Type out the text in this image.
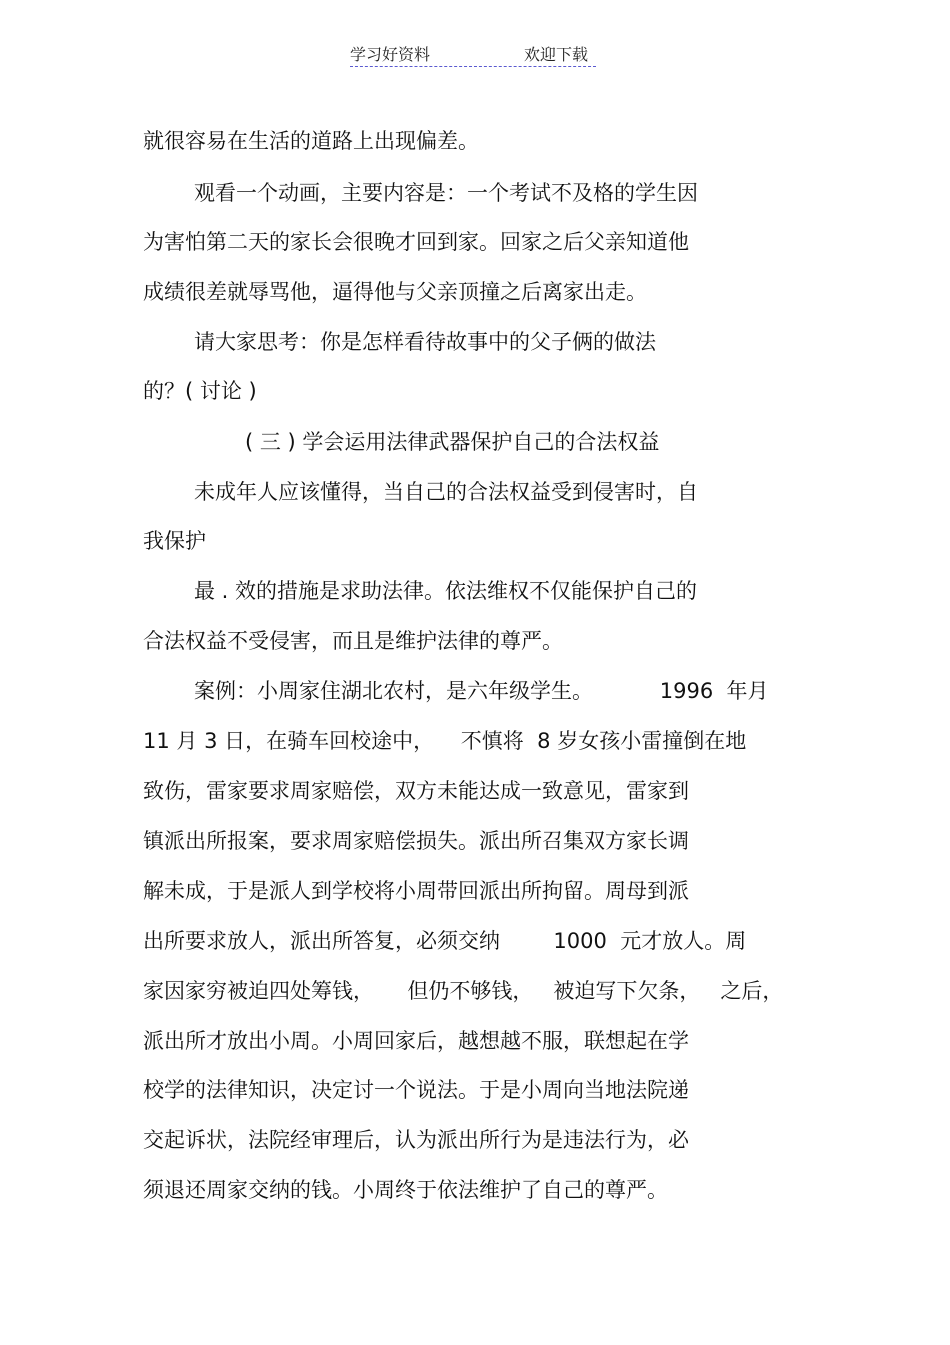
学习好资料	欢迎下载
就很容易在生活的道路上出现偏差。
观看一个动画，主要内容是：一个考试不及格的学生因
为害怕第二天的家长会很晚才回到家。回家之后父亲知道他
成绩很差就辱骂他，逼得他与父亲顶撞之后离家出走。
请大家思考：你是怎样看待故事中的父子俩的做法
的？( 讨论 )
( 三 ) 学会运用法律武器保护自己的合法权益
未成年人应该懂得，当自己的合法权益受到侵害时，自
我保护
最 . 效的措施是求助法律。依法维权不仅能保护自己的
合法权益不受侵害，而且是维护法律的尊严。
案例：小周家住湖北农村，是六年级学生。          1996  年月
11 月 3 日，在骑车回校途中，    不慎将  8 岁女孩小雷撞倒在地
致伤，雷家要求周家赔偿，双方未能达成一致意见，雷家到
镇派出所报案，要求周家赔偿损失。派出所召集双方家长调
解未成，于是派人到学校将小周带回派出所拘留。周母到派
出所要求放人，派出所答复，必须交纳        1000  元才放人。周
家因家穷被迫四处筹钱，     但仍不够钱，   被迫写下欠条，   之后，
派出所才放出小周。小周回家后，越想越不服，联想起在学
校学的法律知识，决定讨一个说法。于是小周向当地法院递
交起诉状，法院经审理后，认为派出所行为是违法行为，必
须退还周家交纳的钱。小周终于依法维护了自己的尊严。
